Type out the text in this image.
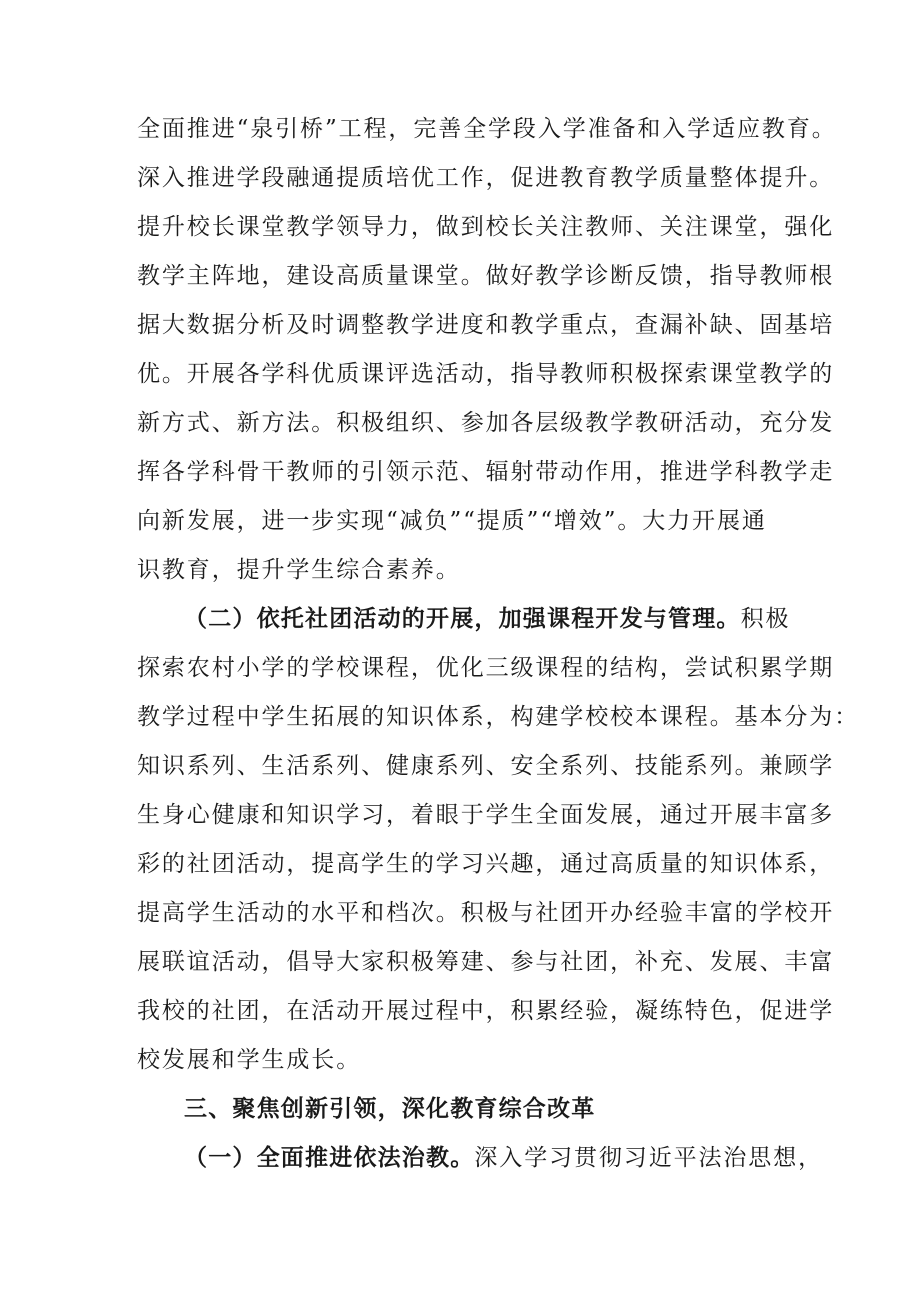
全面推进“泉引桥”工程，完善全学段入学准备和入学适应教育。
深入推进学段融通提质培优工作，促进教育教学质量整体提升。
提升校长课堂教学领导力，做到校长关注教师、关注课堂，强化
教学主阵地，建设高质量课堂。做好教学诊断反馈，指导教师根
据大数据分析及时调整教学进度和教学重点，查漏补缺、固基培
优。开展各学科优质课评选活动，指导教师积极探索课堂教学的
新方式、新方法。积极组织、参加各层级教学教研活动，充分发
挥各学科骨干教师的引领示范、辐射带动作用，推进学科教学走
向新发展，进一步实现“减负”“提质”“增效”。大力开展通
识教育，提升学生综合素养。
（二）依托社团活动的开展，加强课程开发与管理。积极
探索农村小学的学校课程，优化三级课程的结构，尝试积累学期
教学过程中学生拓展的知识体系，构建学校校本课程。基本分为：
知识系列、生活系列、健康系列、安全系列、技能系列。兼顾学
生身心健康和知识学习，着眼于学生全面发展，通过开展丰富多
彩的社团活动，提高学生的学习兴趣，通过高质量的知识体系，
提高学生活动的水平和档次。积极与社团开办经验丰富的学校开
展联谊活动，倡导大家积极筹建、参与社团，补充、发展、丰富
我校的社团，在活动开展过程中，积累经验，凝练特色，促进学
校发展和学生成长。
三、聚焦创新引领，深化教育综合改革
（一）全面推进依法治教。深入学习贯彻习近平法治思想，
